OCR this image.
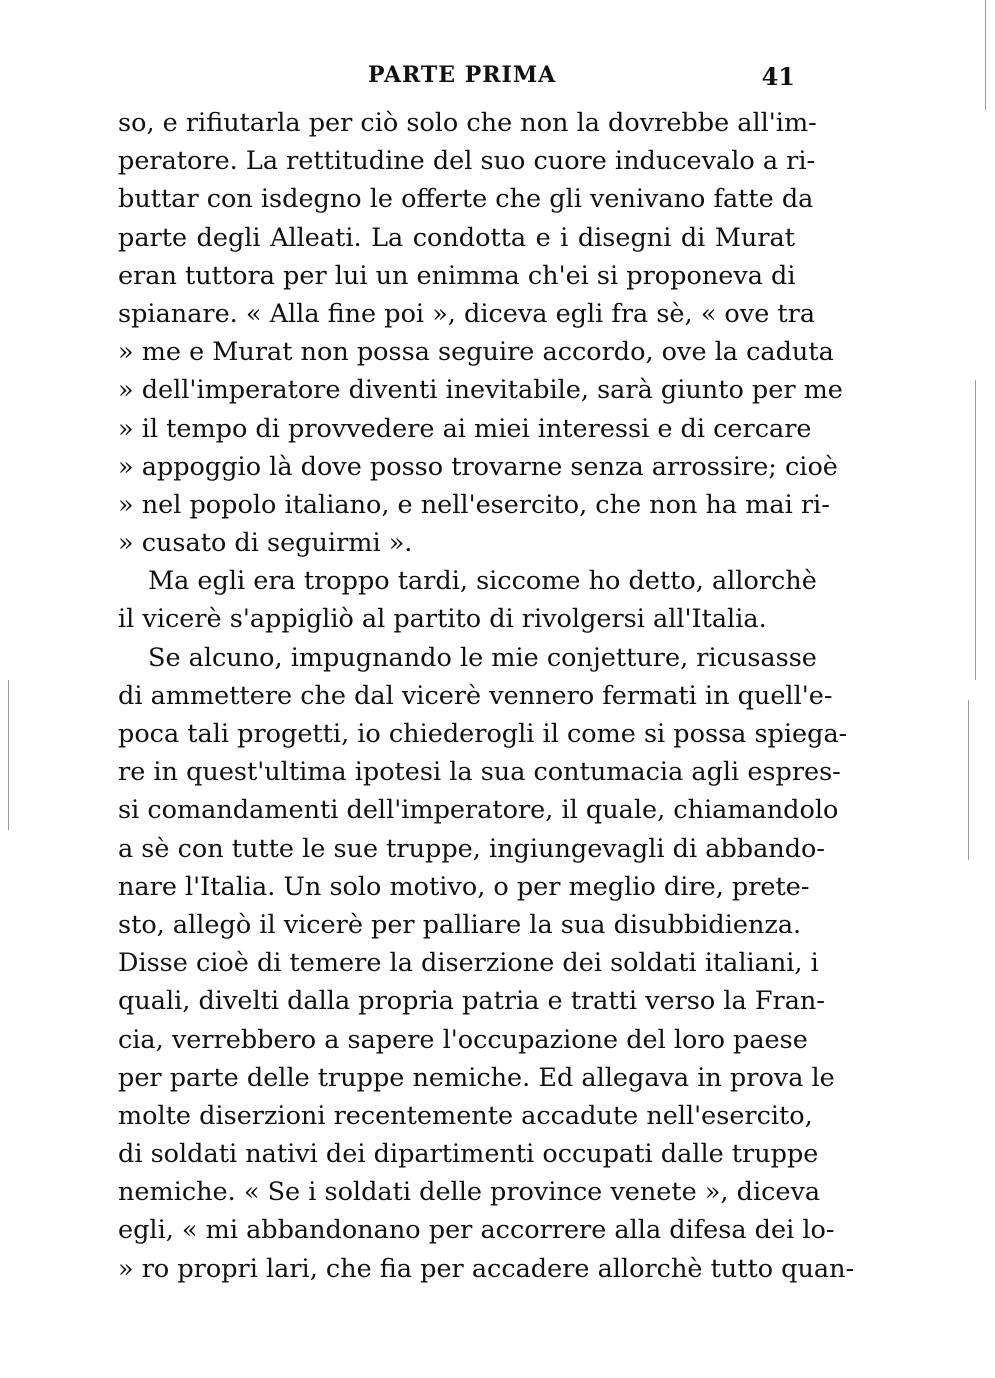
PARTE PRIMA	41
so, e rifiutarla per ciò solo che non la dovrebbe all'im-
peratore. La rettitudine del suo cuore inducevalo a ri-
buttar con isdegno le offerte che gli venivano fatte da
parte degli Alleati. La condotta e i disegni di Murat
eran tuttora per lui un enimma ch'ei si proponeva di
spianare. « Alla fine poi », diceva egli fra sè, « ove tra
» me e Murat non possa seguire accordo, ove la caduta
» dell'imperatore diventi inevitabile, sarà giunto per me
» il tempo di provvedere ai miei interessi e di cercare
» appoggio là dove posso trovarne senza arrossire; cioè
» nel popolo italiano, e nell'esercito, che non ha mai ri-
» cusato di seguirmi ».
Ma egli era troppo tardi, siccome ho detto, allorchè
il vicerè s'appigliò al partito di rivolgersi all'Italia.
Se alcuno, impugnando le mie conjetture, ricusasse
di ammettere che dal vicerè vennero fermati in quell'e-
poca tali progetti, io chiederogli il come si possa spiega-
re in quest'ultima ipotesi la sua contumacia agli espres-
si comandamenti dell'imperatore, il quale, chiamandolo
a sè con tutte le sue truppe, ingiungevagli di abbando-
nare l'Italia. Un solo motivo, o per meglio dire, prete-
sto, allegò il vicerè per palliare la sua disubbidienza.
Disse cioè di temere la diserzione dei soldati italiani, i
quali, divelti dalla propria patria e tratti verso la Fran-
cia, verrebbero a sapere l'occupazione del loro paese
per parte delle truppe nemiche. Ed allegava in prova le
molte diserzioni recentemente accadute nell'esercito,
di soldati nativi dei dipartimenti occupati dalle truppe
nemiche. « Se i soldati delle province venete », diceva
egli, « mi abbandonano per accorrere alla difesa dei lo-
» ro propri lari, che fia per accadere allorchè tutto quan-
